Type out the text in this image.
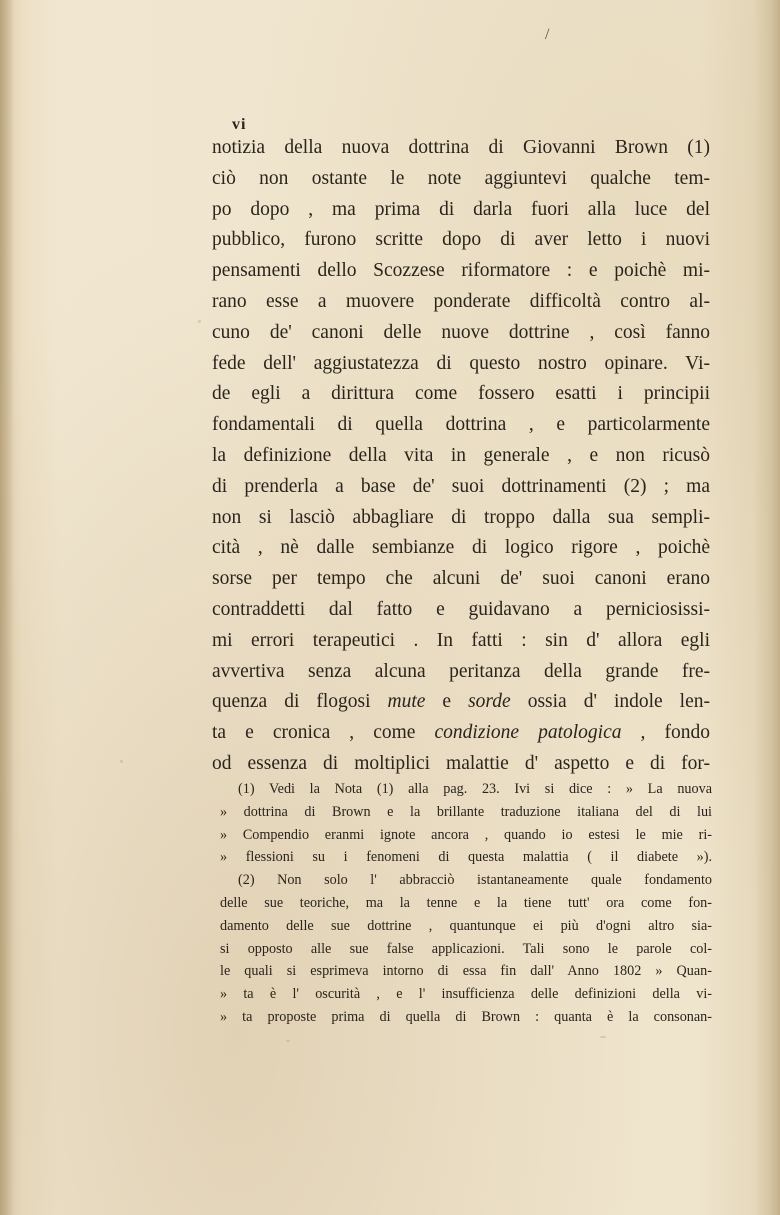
/
vi
notizia della nuova dottrina di Giovanni Brown (1)
ciò non ostante le note aggiuntevi qualche tem-
po dopo , ma prima di darla fuori alla luce del
pubblico, furono scritte dopo di aver letto i nuovi
pensamenti dello Scozzese riformatore : e poichè mi-
rano esse a muovere ponderate difficoltà contro al-
cuno de' canoni delle nuove dottrine , così fanno
fede dell' aggiustatezza di questo nostro opinare. Vi-
de egli a dirittura come fossero esatti i principii
fondamentali di quella dottrina , e particolarmente
la definizione della vita in generale , e non ricusò
di prenderla a base de' suoi dottrinamenti (2) ; ma
non si lasciò abbagliare di troppo dalla sua sempli-
cità , nè dalle sembianze di logico rigore , poichè
sorse per tempo che alcuni de' suoi canoni erano
contraddetti dal fatto e guidavano a perniciosissi-
mi errori terapeutici . In fatti : sin d' allora egli
avvertiva senza alcuna peritanza della grande fre-
quenza di flogosi mute e sorde ossia d' indole len-
ta e cronica , come condizione patologica , fondo
od essenza di moltiplici malattie d' aspetto e di for-
(1) Vedi la Nota (1) alla pag. 23. Ivi si dice : » La nuova
» dottrina di Brown e la brillante traduzione italiana del di lui
» Compendio eranmi ignote ancora , quando io estesi le mie ri-
» flessioni su i fenomeni di questa malattia ( il diabete »).
(2) Non solo l' abbracciò istantaneamente quale fondamento
delle sue teoriche, ma la tenne e la tiene tutt' ora come fon-
damento delle sue dottrine , quantunque ei più d'ogni altro sia-
si opposto alle sue false applicazioni. Tali sono le parole col-
le quali si esprimeva intorno di essa fin dall' Anno 1802 » Quan-
» ta è l' oscurità , e l' insufficienza delle definizioni della vi-
» ta proposte prima di quella di Brown : quanta è la consonan-
